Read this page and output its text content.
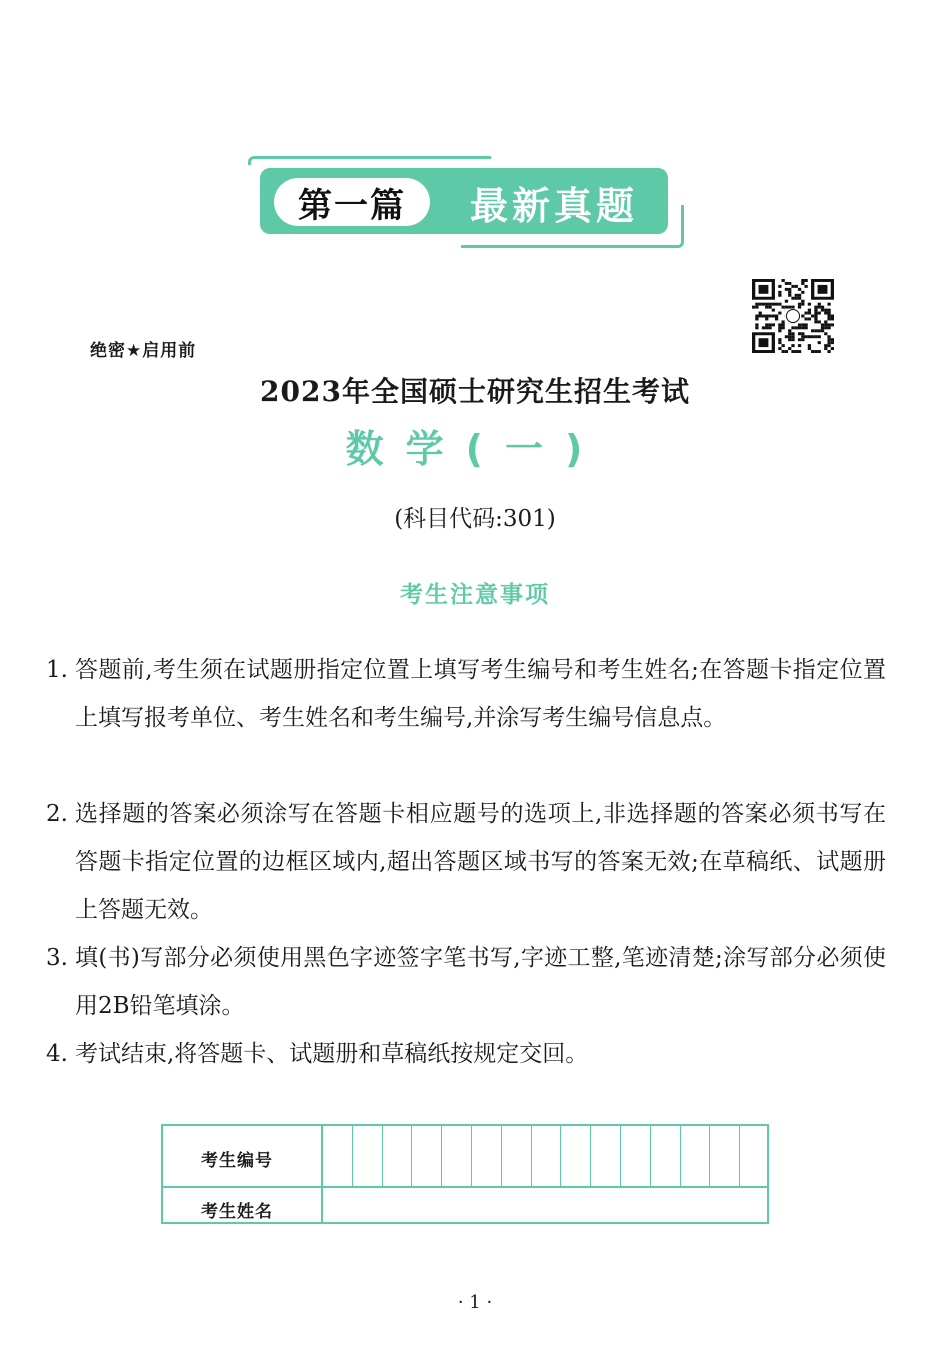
第一篇	最新真题
绝密★启用前
2023年全国硕士研究生招生考试
数学(一)
(科目代码:301)
考生注意事项
1. 答题前,考生须在试题册指定位置上填写考生编号和考生姓名;在答题卡指定位置上填写报考单位、考生姓名和考生编号,并涂写考生编号信息点。
2. 选择题的答案必须涂写在答题卡相应题号的选项上,非选择题的答案必须书写在答题卡指定位置的边框区域内,超出答题区域书写的答案无效;在草稿纸、试题册上答题无效。
3. 填(书)写部分必须使用黑色字迹签字笔书写,字迹工整,笔迹清楚;涂写部分必须使用2B铅笔填涂。
4. 考试结束,将答题卡、试题册和草稿纸按规定交回。
考生编号
考生姓名
· 1 ·
